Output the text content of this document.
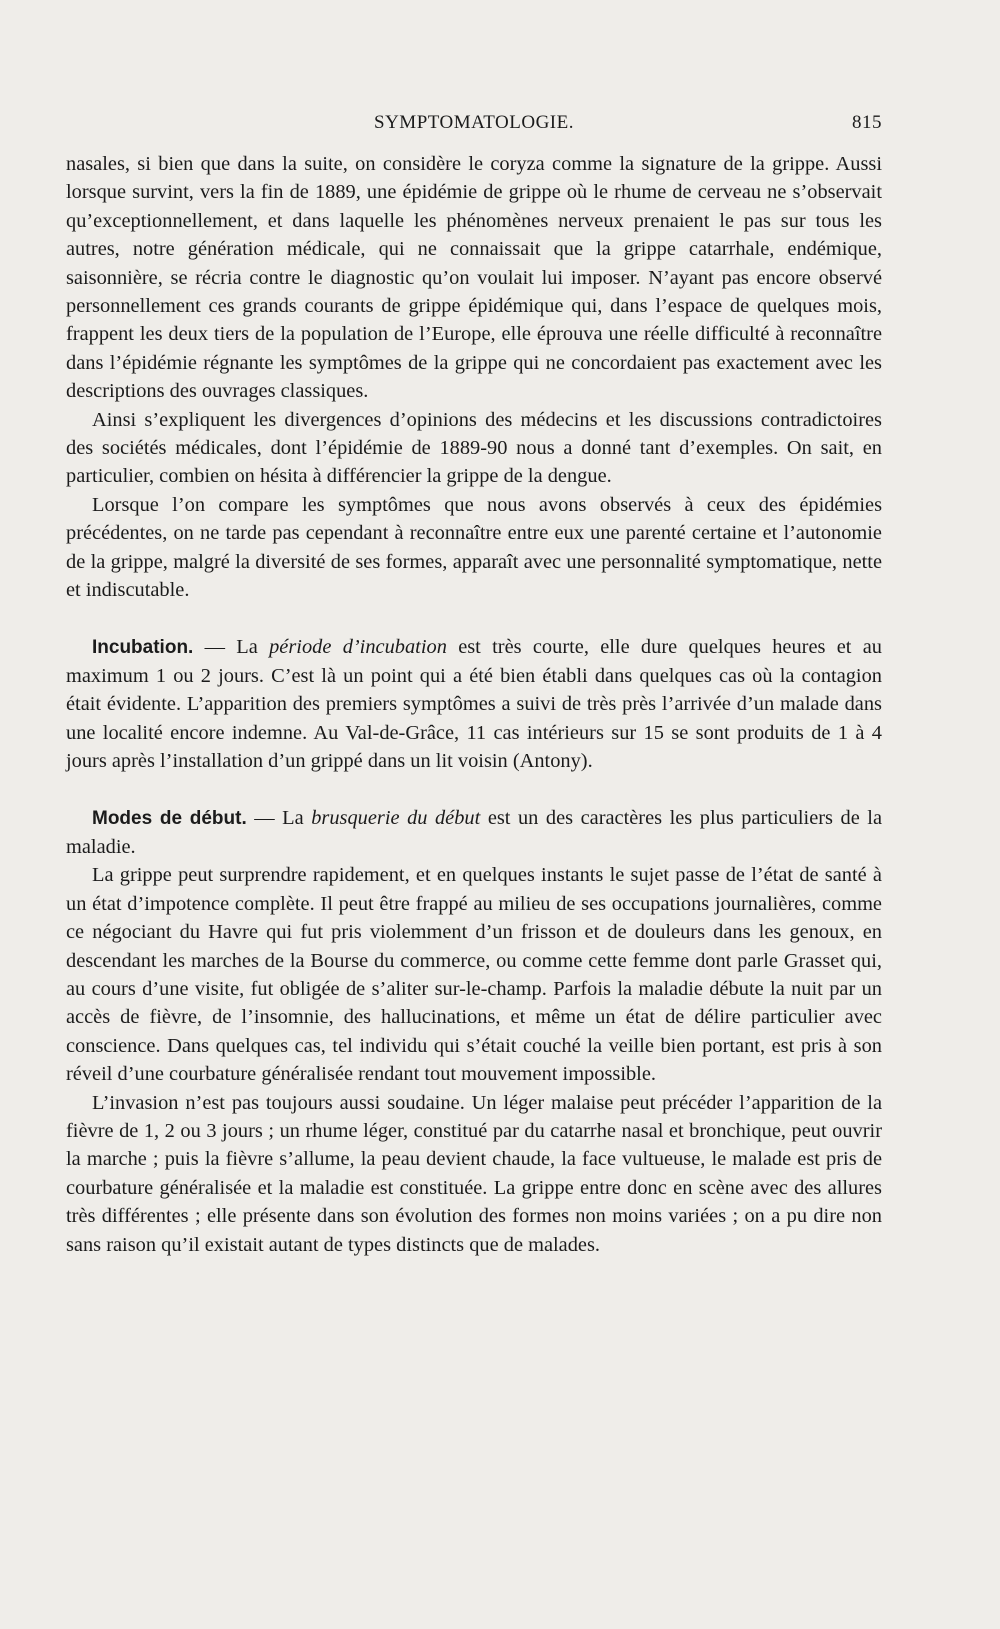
SYMPTOMATOLOGIE.	815

nasales, si bien que dans la suite, on considère le coryza comme la signature de la grippe. Aussi lorsque survint, vers la fin de 1889, une épidémie de grippe où le rhume de cerveau ne s’observait qu’exceptionnellement, et dans laquelle les phénomènes nerveux prenaient le pas sur tous les autres, notre génération médicale, qui ne connaissait que la grippe catarrhale, endémique, saisonnière, se récria contre le diagnostic qu’on voulait lui imposer. N’ayant pas encore observé personnellement ces grands courants de grippe épidémique qui, dans l’espace de quelques mois, frappent les deux tiers de la population de l’Europe, elle éprouva une réelle difficulté à reconnaître dans l’épidémie régnante les symptômes de la grippe qui ne concordaient pas exactement avec les descriptions des ouvrages classiques.

Ainsi s’expliquent les divergences d’opinions des médecins et les discussions contradictoires des sociétés médicales, dont l’épidémie de 1889-90 nous a donné tant d’exemples. On sait, en particulier, combien on hésita à différencier la grippe de la dengue.

Lorsque l’on compare les symptômes que nous avons observés à ceux des épidémies précédentes, on ne tarde pas cependant à reconnaître entre eux une parenté certaine et l’autonomie de la grippe, malgré la diversité de ses formes, apparaît avec une personnalité symptomatique, nette et indiscutable.

Incubation. — La période d’incubation est très courte, elle dure quelques heures et au maximum 1 ou 2 jours. C’est là un point qui a été bien établi dans quelques cas où la contagion était évidente. L’apparition des premiers symptômes a suivi de très près l’arrivée d’un malade dans une localité encore indemne. Au Val-de-Grâce, 11 cas intérieurs sur 15 se sont produits de 1 à 4 jours après l’installation d’un grippé dans un lit voisin (Antony).

Modes de début. — La brusquerie du début est un des caractères les plus particuliers de la maladie.

La grippe peut surprendre rapidement, et en quelques instants le sujet passe de l’état de santé à un état d’impotence complète. Il peut être frappé au milieu de ses occupations journalières, comme ce négociant du Havre qui fut pris violemment d’un frisson et de douleurs dans les genoux, en descendant les marches de la Bourse du commerce, ou comme cette femme dont parle Grasset qui, au cours d’une visite, fut obligée de s’aliter sur-le-champ. Parfois la maladie débute la nuit par un accès de fièvre, de l’insomnie, des hallucinations, et même un état de délire particulier avec conscience. Dans quelques cas, tel individu qui s’était couché la veille bien portant, est pris à son réveil d’une courbature généralisée rendant tout mouvement impossible.

L’invasion n’est pas toujours aussi soudaine. Un léger malaise peut précéder l’apparition de la fièvre de 1, 2 ou 3 jours ; un rhume léger, constitué par du catarrhe nasal et bronchique, peut ouvrir la marche ; puis la fièvre s’allume, la peau devient chaude, la face vultueuse, le malade est pris de courbature généralisée et la maladie est constituée. La grippe entre donc en scène avec des allures très différentes ; elle présente dans son évolution des formes non moins variées ; on a pu dire non sans raison qu’il existait autant de types distincts que de malades.
